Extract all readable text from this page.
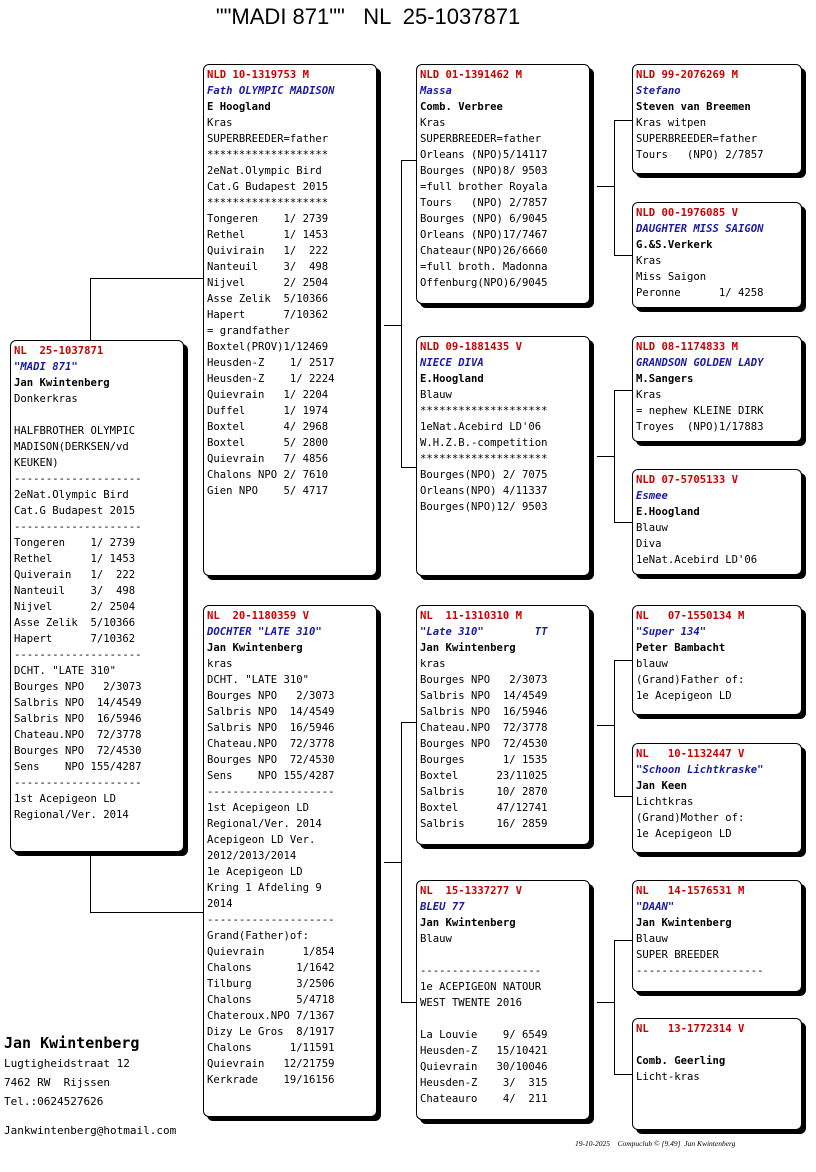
""MADI 871""   NL  25-1037871
NL  25-1037871
"MADI 871"
Jan Kwintenberg
Donkerkras
HALFBROTHER OLYMPIC
MADISON(DERKSEN/vd
KEUKEN)
--------------------
2eNat.Olympic Bird
Cat.G Budapest 2015
--------------------
Tongeren    1/ 2739
Rethel      1/ 1453
Quiverain   1/  222
Nanteuil    3/  498
Nijvel      2/ 2504
Asse Zelik  5/10366
Hapert      7/10362
--------------------
DCHT. "LATE 310"
Bourges NPO   2/3073
Salbris NPO  14/4549
Salbris NPO  16/5946
Chateau.NPO  72/3778
Bourges NPO  72/4530
Sens    NPO 155/4287
--------------------
1st Acepigeon LD
Regional/Ver. 2014
NLD 10-1319753 M
Fath OLYMPIC MADISON
E Hoogland
Kras
SUPERBREEDER=father
*******************
2eNat.Olympic Bird
Cat.G Budapest 2015
*******************
Tongeren    1/ 2739
Rethel      1/ 1453
Quivirain   1/  222
Nanteuil    3/  498
Nijvel      2/ 2504
Asse Zelik  5/10366
Hapert      7/10362
= grandfather
Boxtel(PROV)1/12469
Heusden-Z    1/ 2517
Heusden-Z    1/ 2224
Quievrain   1/ 2204
Duffel      1/ 1974
Boxtel      4/ 2968
Boxtel      5/ 2800
Quievrain   7/ 4856
Chalons NPO 2/ 7610
Gien NPO    5/ 4717
NL  20-1180359 V
DOCHTER "LATE 310"
Jan Kwintenberg
kras
DCHT. "LATE 310"
Bourges NPO   2/3073
Salbris NPO  14/4549
Salbris NPO  16/5946
Chateau.NPO  72/3778
Bourges NPO  72/4530
Sens    NPO 155/4287
--------------------
1st Acepigeon LD
Regional/Ver. 2014
Acepigeon LD Ver.
2012/2013/2014
1e Acepigeon LD
Kring 1 Afdeling 9
2014
--------------------
Grand(Father)of:
Quievrain      1/854
Chalons       1/1642
Tilburg       3/2506
Chalons       5/4718
Chateroux.NPO 7/1367
Dizy Le Gros  8/1917
Chalons      1/11591
Quievrain   12/21759
Kerkrade    19/16156
NLD 01-1391462 M
Massa
Comb. Verbree
Kras
SUPERBREEDER=father
Orleans (NPO)5/14117
Bourges (NPO)8/ 9503
=full brother Royala
Tours   (NPO) 2/7857
Bourges (NPO) 6/9045
Orleans (NPO)17/7467
Chateaur(NPO)26/6660
=full broth. Madonna
Offenburg(NPO)6/9045
NLD 09-1881435 V
NIECE DIVA
E.Hoogland
Blauw
********************
1eNat.Acebird LD'06
W.H.Z.B.-competition
********************
Bourges(NPO) 2/ 7075
Orleans(NPO) 4/11337
Bourges(NPO)12/ 9503
NL  11-1310310 M
"Late 310"        TT
Jan Kwintenberg
kras
Bourges NPO   2/3073
Salbris NPO  14/4549
Salbris NPO  16/5946
Chateau.NPO  72/3778
Bourges NPO  72/4530
Bourges      1/ 1535
Boxtel      23/11025
Salbris     10/ 2870
Boxtel      47/12741
Salbris     16/ 2859
NL  15-1337277 V
BLEU 77
Jan Kwintenberg
Blauw
-------------------
1e ACEPIGEON NATOUR
WEST TWENTE 2016
La Louvie    9/ 6549
Heusden-Z   15/10421
Quievrain   30/10046
Heusden-Z    3/  315
Chateauro    4/  211
NLD 99-2076269 M
Stefano
Steven van Breemen
Kras witpen
SUPERBREEDER=father
Tours   (NPO) 2/7857
NLD 00-1976085 V
DAUGHTER MISS SAIGON
G.&S.Verkerk
Kras
Miss Saigon
Peronne      1/ 4258
NLD 08-1174833 M
GRANDSON GOLDEN LADY
M.Sangers
Kras
= nephew KLEINE DIRK
Troyes  (NPO)1/17883
NLD 07-5705133 V
Esmee
E.Hoogland
Blauw
Diva
1eNat.Acebird LD'06
NL   07-1550134 M
"Super 134"
Peter Bambacht
blauw
(Grand)Father of:
1e Acepigeon LD
NL   10-1132447 V
"Schoon Lichtkraske"
Jan Keen
Lichtkras
(Grand)Mother of:
1e Acepigeon LD
NL   14-1576531 M
"DAAN"
Jan Kwintenberg
Blauw
SUPER BREEDER
--------------------
NL   13-1772314 V
Comb. Geerling
Licht-kras
Jan Kwintenberg
Lugtigheidstraat 12
7462 RW  Rijssen
Tel.:0624527626
Jankwintenberg@hotmail.com
19-10-2025    Compuclub © [9.49]  Jan Kwintenberg
